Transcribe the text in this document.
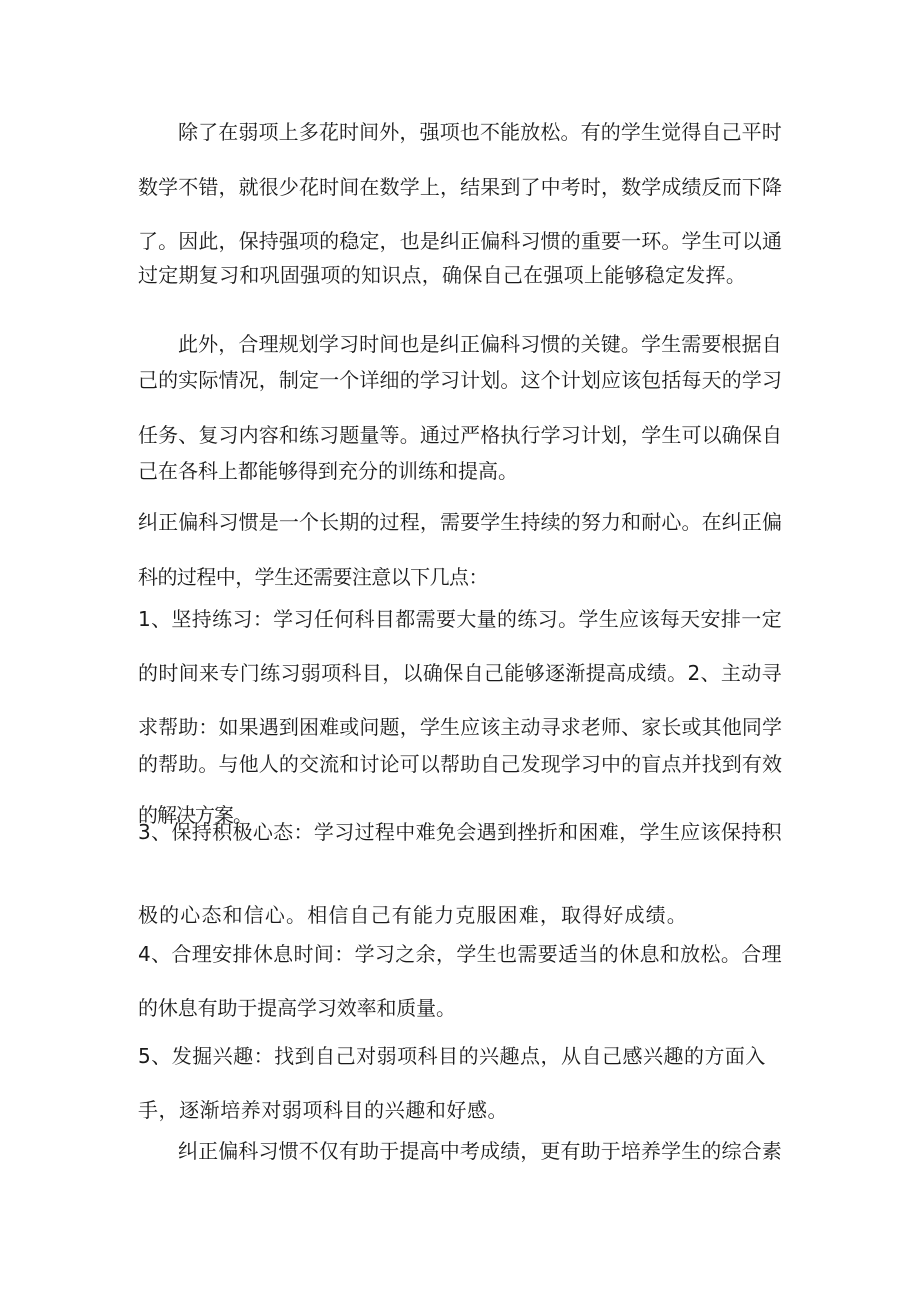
除了在弱项上多花时间外，强项也不能放松。有的学生觉得自己平时

数学不错，就很少花时间在数学上，结果到了中考时，数学成绩反而下降

了。因此，保持强项的稳定，也是纠正偏科习惯的重要一环。学生可以通

过定期复习和巩固强项的知识点，确保自己在强项上能够稳定发挥。

此外，合理规划学习时间也是纠正偏科习惯的关键。学生需要根据自

己的实际情况，制定一个详细的学习计划。这个计划应该包括每天的学习

任务、复习内容和练习题量等。通过严格执行学习计划，学生可以确保自

己在各科上都能够得到充分的训练和提高。

纠正偏科习惯是一个长期的过程，需要学生持续的努力和耐心。在纠正偏

科的过程中，学生还需要注意以下几点：

1、坚持练习：学习任何科目都需要大量的练习。学生应该每天安排一定

的时间来专门练习弱项科目，以确保自己能够逐渐提高成绩。2、主动寻

求帮助：如果遇到困难或问题，学生应该主动寻求老师、家长或其他同学

的帮助。与他人的交流和讨论可以帮助自己发现学习中的盲点并找到有效

的解决方案。

3、保持积极心态：学习过程中难免会遇到挫折和困难，学生应该保持积

极的心态和信心。相信自己有能力克服困难，取得好成绩。

4、合理安排休息时间：学习之余，学生也需要适当的休息和放松。合理

的休息有助于提高学习效率和质量。

5、发掘兴趣：找到自己对弱项科目的兴趣点，从自己感兴趣的方面入

手，逐渐培养对弱项科目的兴趣和好感。

纠正偏科习惯不仅有助于提高中考成绩，更有助于培养学生的综合素
